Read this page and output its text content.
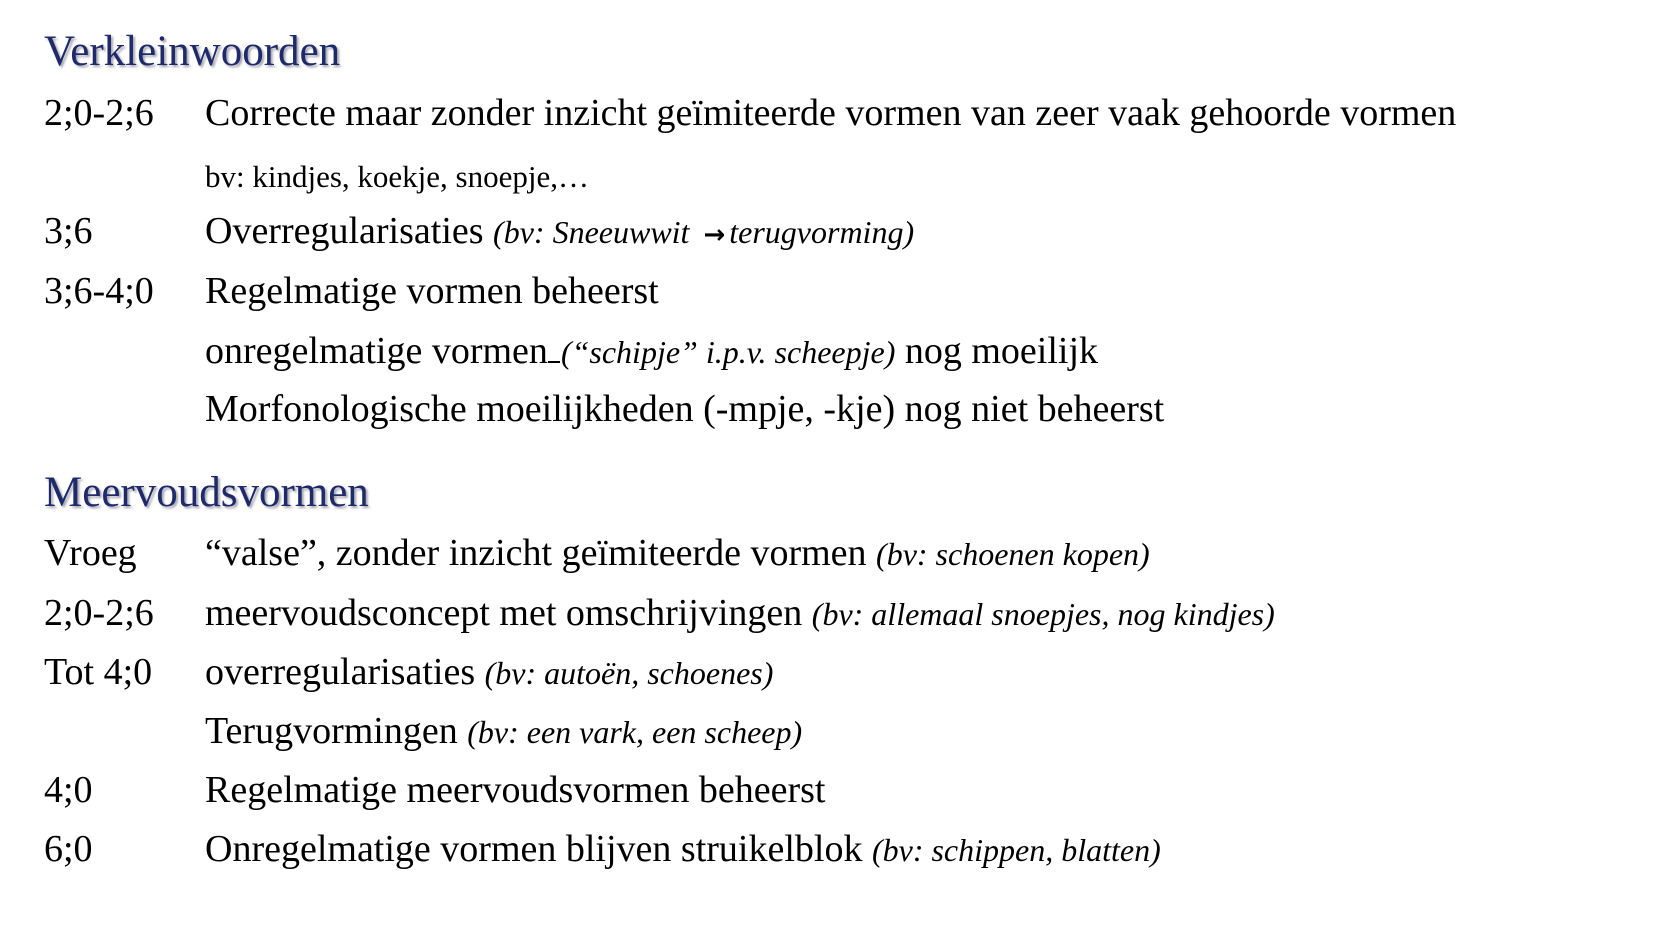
Verkleinwoorden
2;0-2;6 Correcte maar zonder inzicht geïmiteerde vormen van zeer vaak gehoorde vormen
bv: kindjes, koekje, snoepje,…
3;6	Overregularisaties (bv: Sneeuwwit → terugvorming)
3;6-4;0 Regelmatige vormen beheerst
onregelmatige vormen (“schipje” i.p.v. scheepje) nog moeilijk
Morfonologische moeilijkheden (-mpje, -kje) nog niet beheerst
Meervoudsvormen
Vroeg “valse”, zonder inzicht geïmiteerde vormen (bv: schoenen kopen)
2;0-2;6 meervoudsconcept met omschrijvingen (bv: allemaal snoepjes, nog kindjes)
Tot 4;0 overregularisaties (bv: autoën, schoenes)
Terugvormingen (bv: een vark, een scheep)
4;0	Regelmatige meervoudsvormen beheerst
6;0	Onregelmatige vormen blijven struikelblok (bv: schippen, blatten)
